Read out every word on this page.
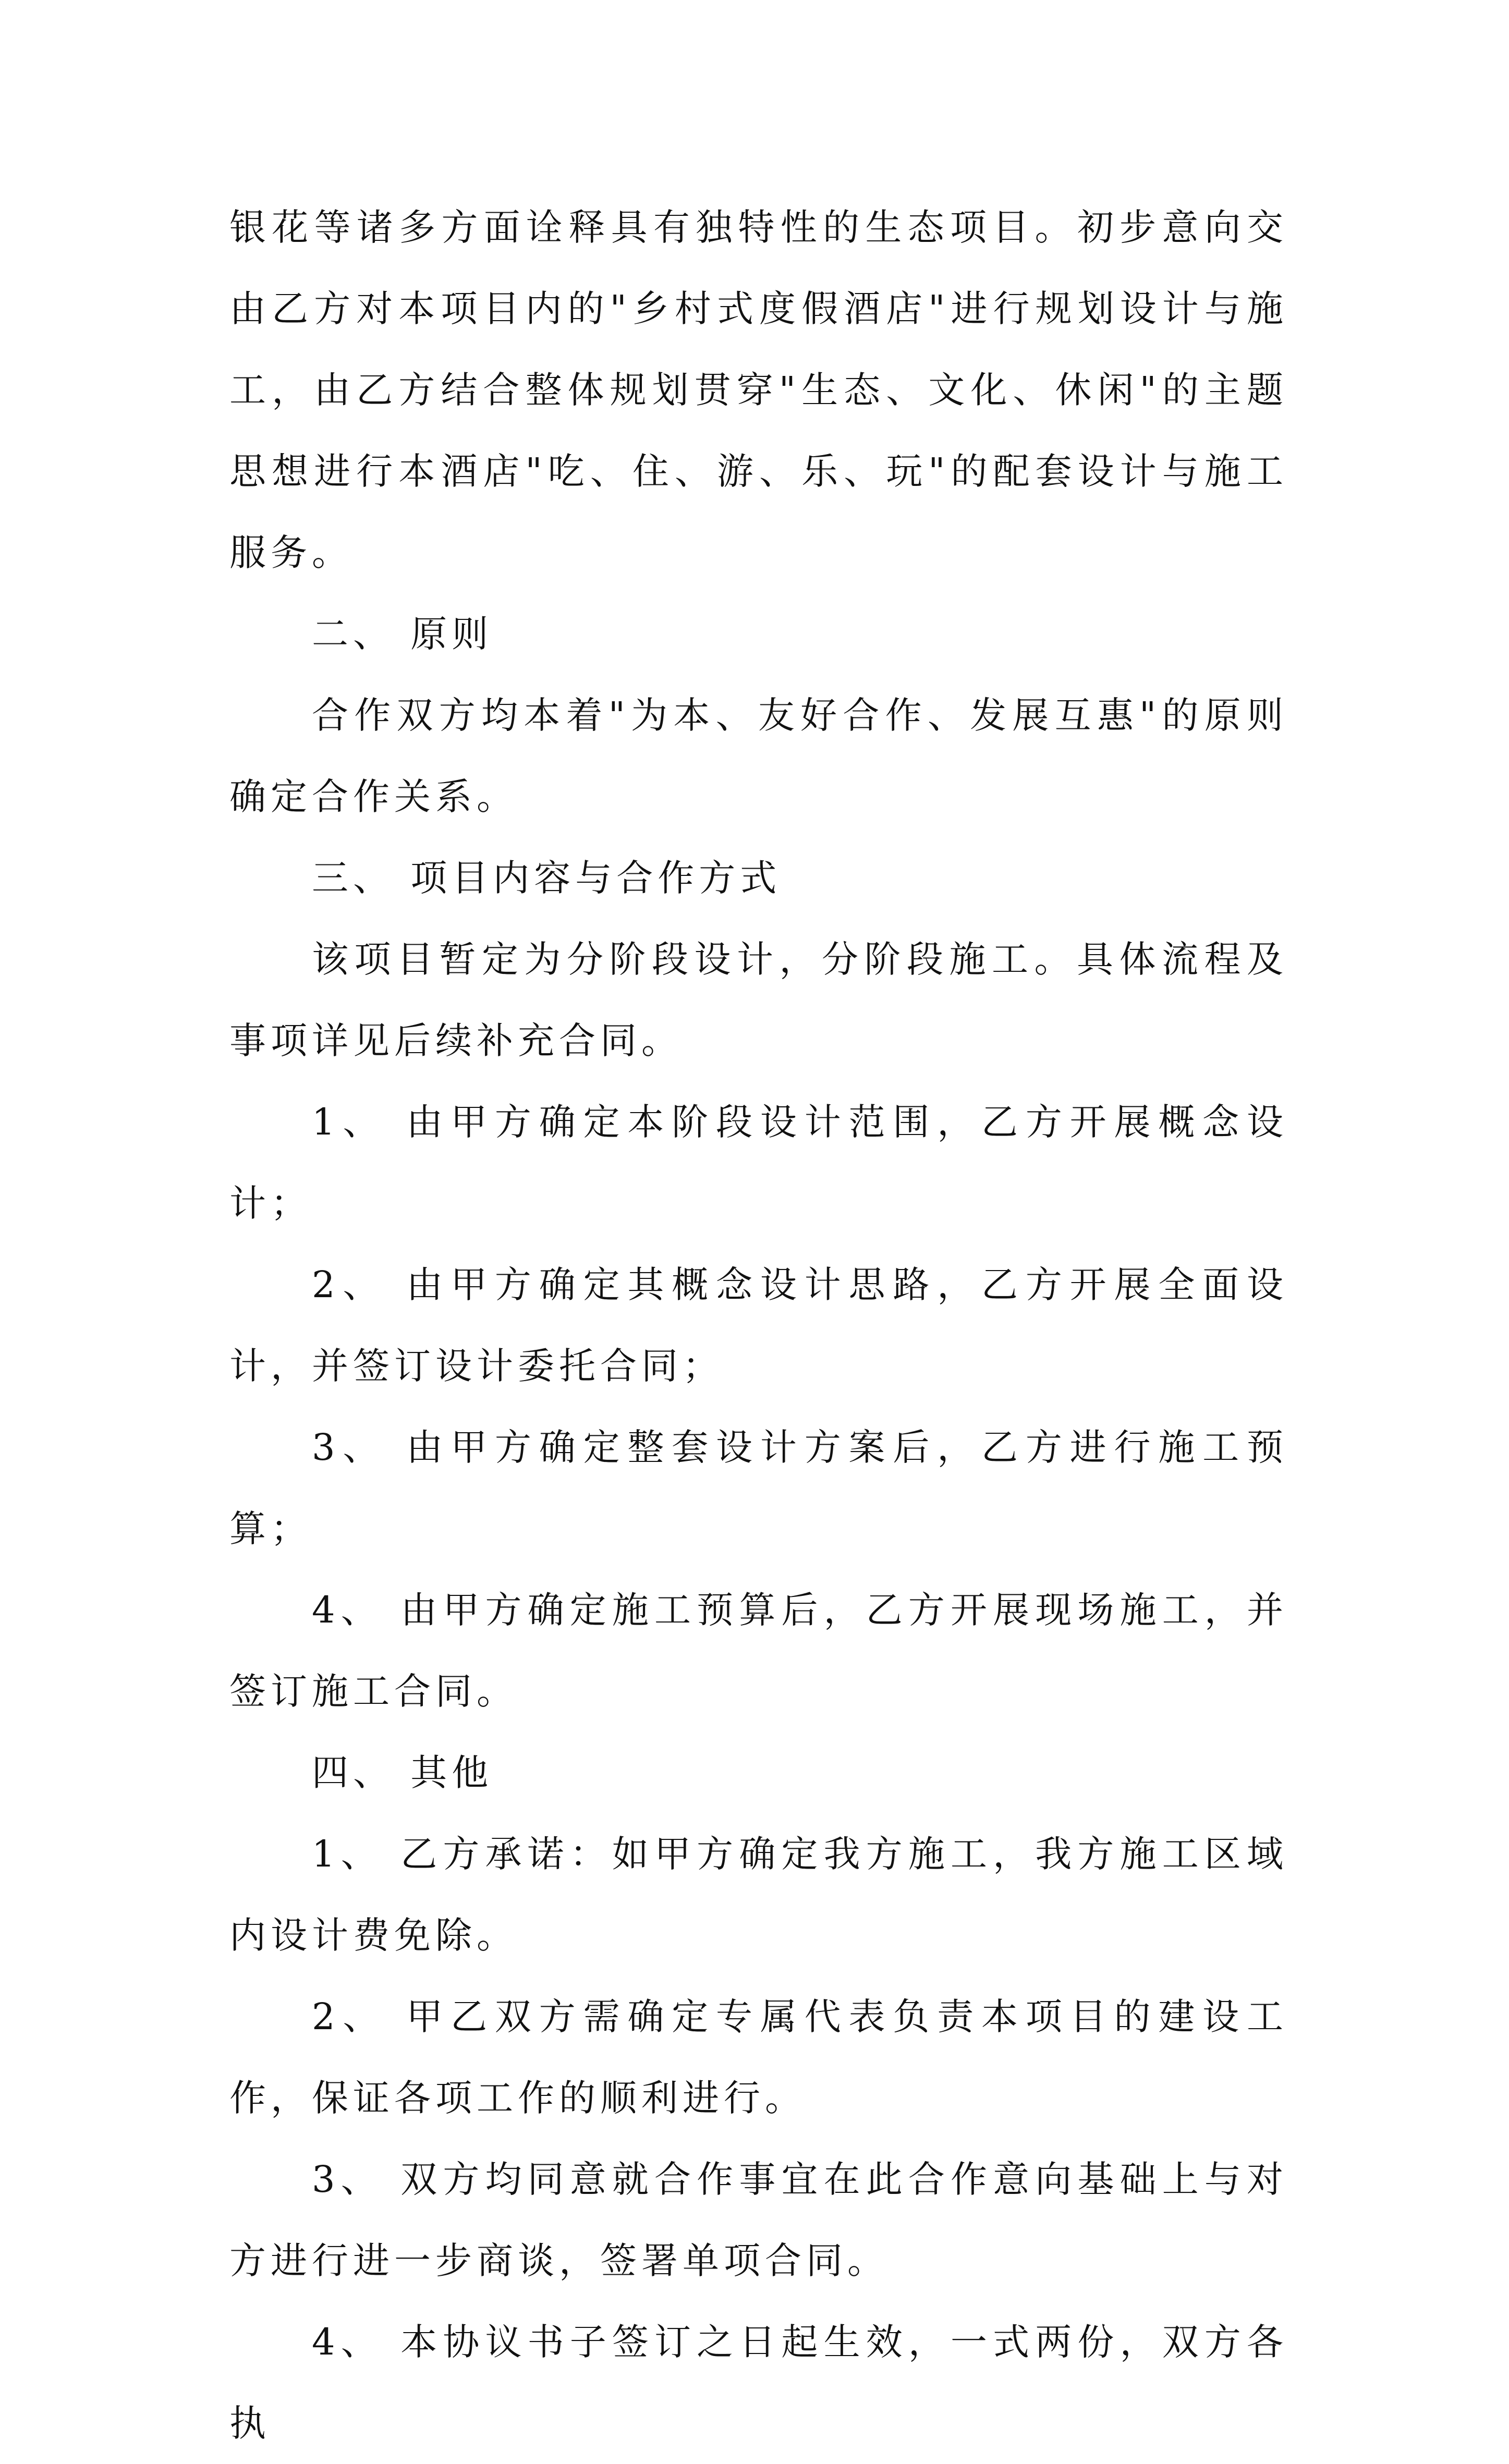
银花等诸多方面诠释具有独特性的生态项目。初步意向交由乙方对本项目内的"乡村式度假酒店"进行规划设计与施工，由乙方结合整体规划贯穿"生态、文化、休闲"的主题思想进行本酒店"吃、住、游、乐、玩"的配套设计与施工服务。

二、 原则

合作双方均本着"为本、友好合作、发展互惠"的原则确定合作关系。

三、 项目内容与合作方式

该项目暂定为分阶段设计，分阶段施工。具体流程及事项详见后续补充合同。

1、 由甲方确定本阶段设计范围，乙方开展概念设计；

2、 由甲方确定其概念设计思路，乙方开展全面设计，并签订设计委托合同；

3、 由甲方确定整套设计方案后，乙方进行施工预算；

4、 由甲方确定施工预算后，乙方开展现场施工，并签订施工合同。

四、 其他

1、 乙方承诺：如甲方确定我方施工，我方施工区域内设计费免除。

2、 甲乙双方需确定专属代表负责本项目的建设工作，保证各项工作的顺利进行。

3、 双方均同意就合作事宜在此合作意向基础上与对方进行进一步商谈，签署单项合同。

4、 本协议书子签订之日起生效，一式两份，双方各执
